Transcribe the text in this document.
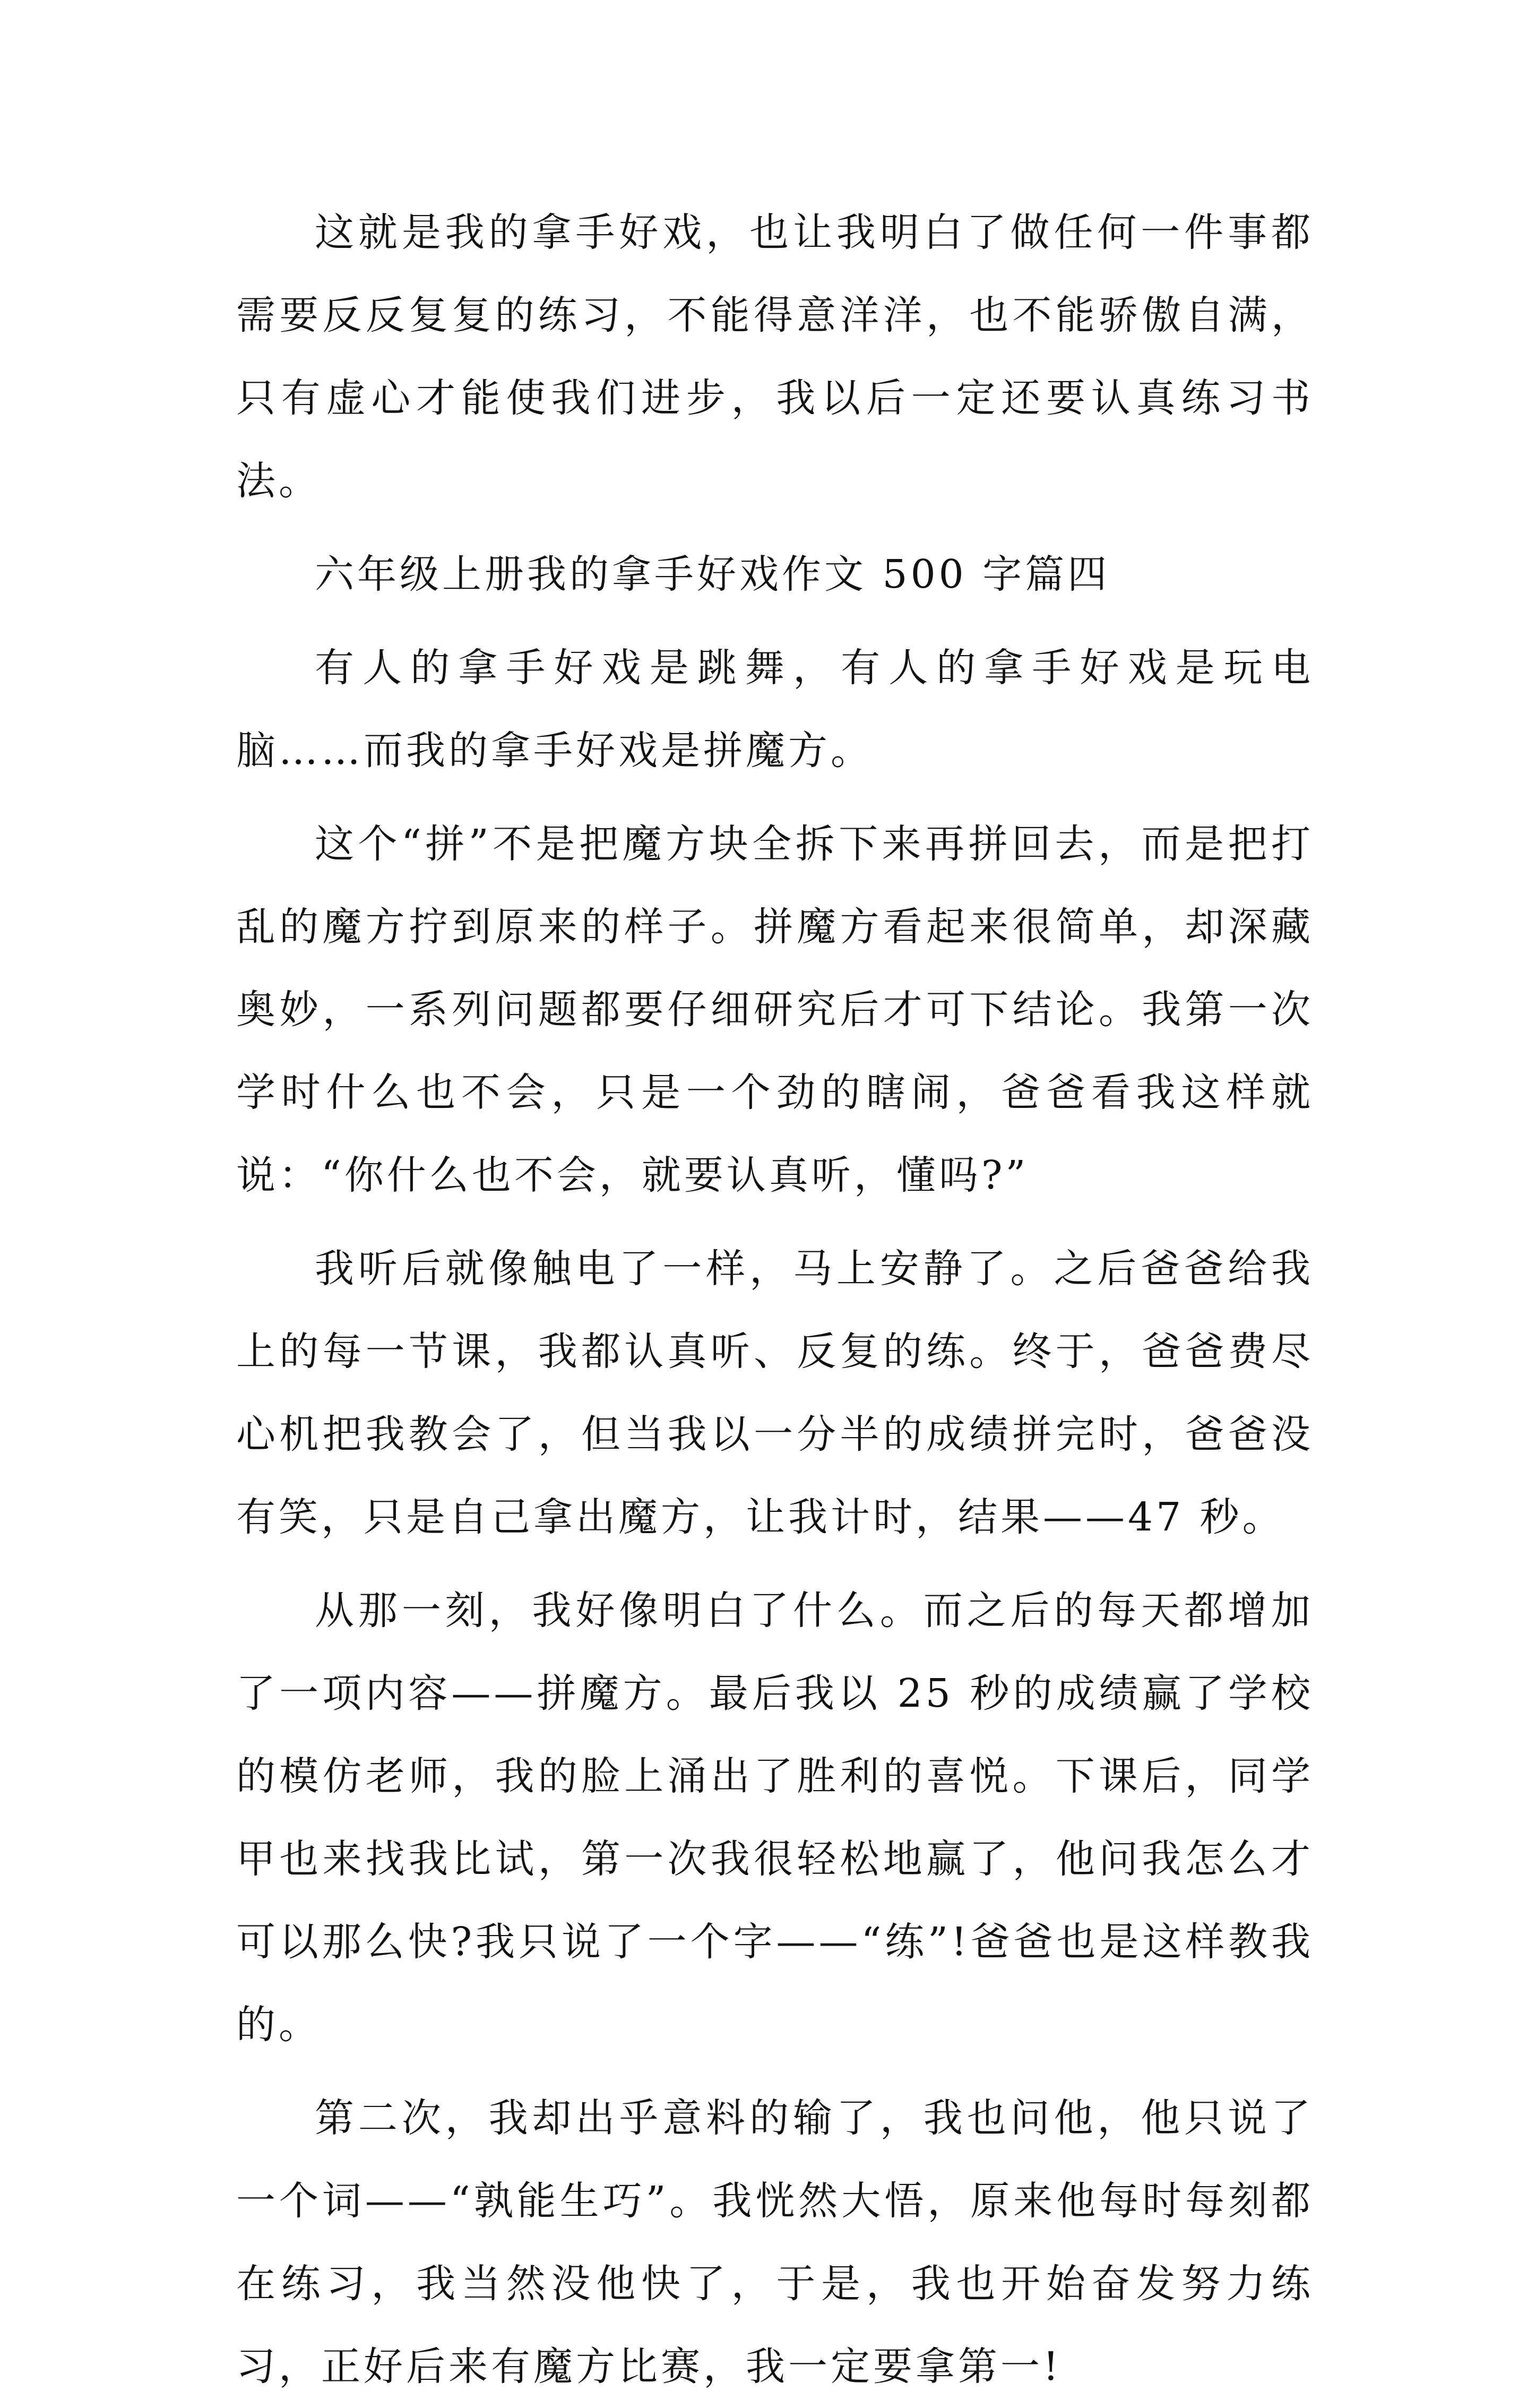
这就是我的拿手好戏，也让我明白了做任何一件事都需要反反复复的练习，不能得意洋洋，也不能骄傲自满，只有虚心才能使我们进步，我以后一定还要认真练习书法。

六年级上册我的拿手好戏作文 500 字篇四

有人的拿手好戏是跳舞，有人的拿手好戏是玩电脑……而我的拿手好戏是拼魔方。

这个“拼”不是把魔方块全拆下来再拼回去，而是把打乱的魔方拧到原来的样子。拼魔方看起来很简单，却深藏奥妙，一系列问题都要仔细研究后才可下结论。我第一次学时什么也不会，只是一个劲的瞎闹，爸爸看我这样就说：“你什么也不会，就要认真听，懂吗?”

我听后就像触电了一样，马上安静了。之后爸爸给我上的每一节课，我都认真听、反复的练。终于，爸爸费尽心机把我教会了，但当我以一分半的成绩拼完时，爸爸没有笑，只是自己拿出魔方，让我计时，结果——47 秒。

从那一刻，我好像明白了什么。而之后的每天都增加了一项内容——拼魔方。最后我以 25 秒的成绩赢了学校的模仿老师，我的脸上涌出了胜利的喜悦。下课后，同学甲也来找我比试，第一次我很轻松地赢了，他问我怎么才可以那么快?我只说了一个字——“练”!爸爸也是这样教我的。

第二次，我却出乎意料的输了，我也问他，他只说了一个词——“孰能生巧”。我恍然大悟，原来他每时每刻都在练习，我当然没他快了，于是，我也开始奋发努力练习，正好后来有魔方比赛，我一定要拿第一!
